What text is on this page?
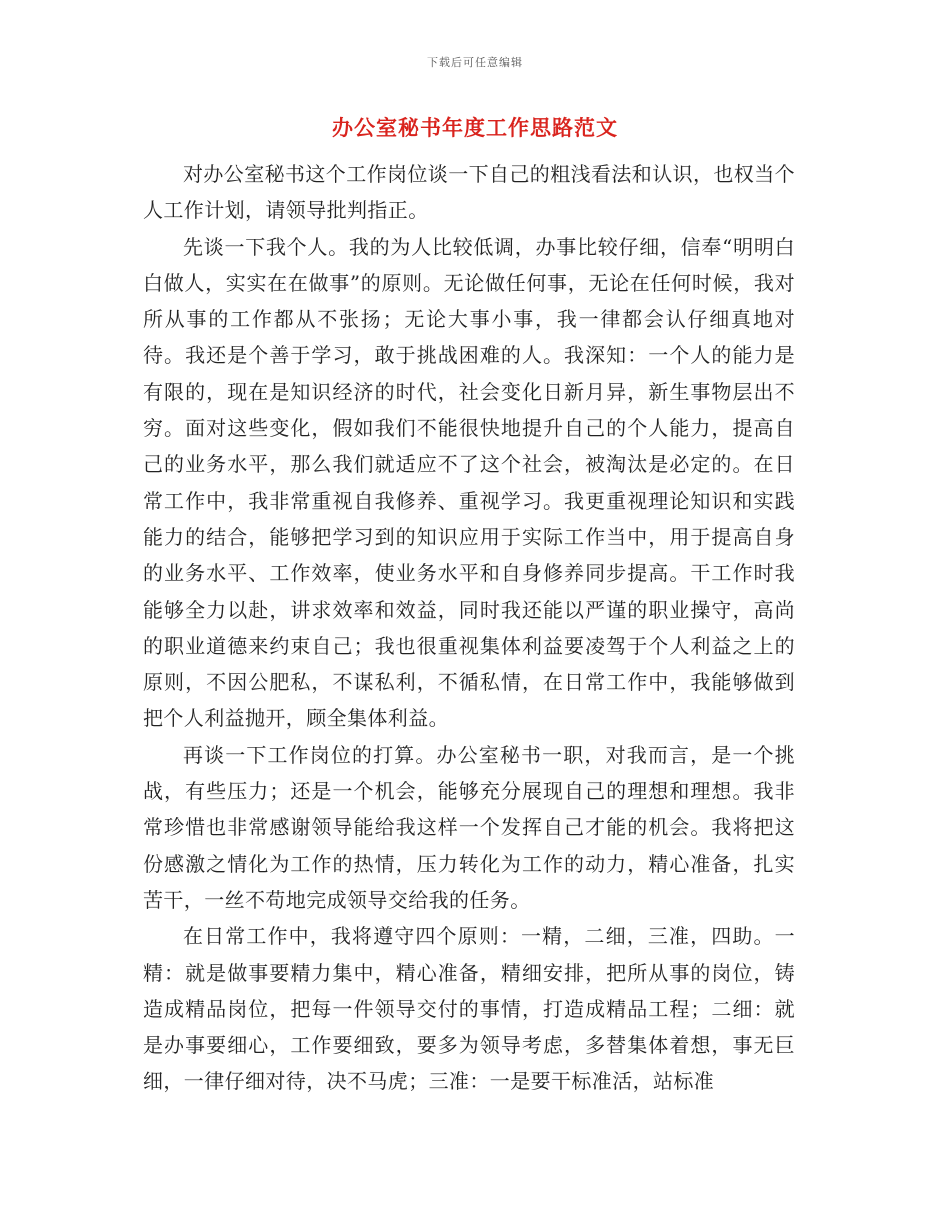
下载后可任意编辑
办公室秘书年度工作思路范文

对办公室秘书这个工作岗位谈一下自己的粗浅看法和认识，也权当个人工作计划，请领导批判指正。

先谈一下我个人。我的为人比较低调，办事比较仔细，信奉“明明白白做人，实实在在做事”的原则。无论做任何事，无论在任何时候，我对所从事的工作都从不张扬；无论大事小事，我一律都会认仔细真地对待。我还是个善于学习，敢于挑战困难的人。我深知：一个人的能力是有限的，现在是知识经济的时代，社会变化日新月异，新生事物层出不穷。面对这些变化，假如我们不能很快地提升自己的个人能力，提高自己的业务水平，那么我们就适应不了这个社会，被淘汰是必定的。在日常工作中，我非常重视自我修养、重视学习。我更重视理论知识和实践能力的结合，能够把学习到的知识应用于实际工作当中，用于提高自身的业务水平、工作效率，使业务水平和自身修养同步提高。干工作时我能够全力以赴，讲求效率和效益，同时我还能以严谨的职业操守，高尚的职业道德来约束自己；我也很重视集体利益要凌驾于个人利益之上的原则，不因公肥私，不谋私利，不循私情，在日常工作中，我能够做到把个人利益抛开，顾全集体利益。

再谈一下工作岗位的打算。办公室秘书一职，对我而言，是一个挑战，有些压力；还是一个机会，能够充分展现自己的理想和理想。我非常珍惜也非常感谢领导能给我这样一个发挥自己才能的机会。我将把这份感激之情化为工作的热情，压力转化为工作的动力，精心准备，扎实苦干，一丝不苟地完成领导交给我的任务。

在日常工作中，我将遵守四个原则：一精，二细，三准，四助。一精：就是做事要精力集中，精心准备，精细安排，把所从事的岗位，铸造成精品岗位，把每一件领导交付的事情，打造成精品工程；二细：就是办事要细心，工作要细致，要多为领导考虑，多替集体着想，事无巨细，一律仔细对待，决不马虎；三准：一是要干标准活，站标准
